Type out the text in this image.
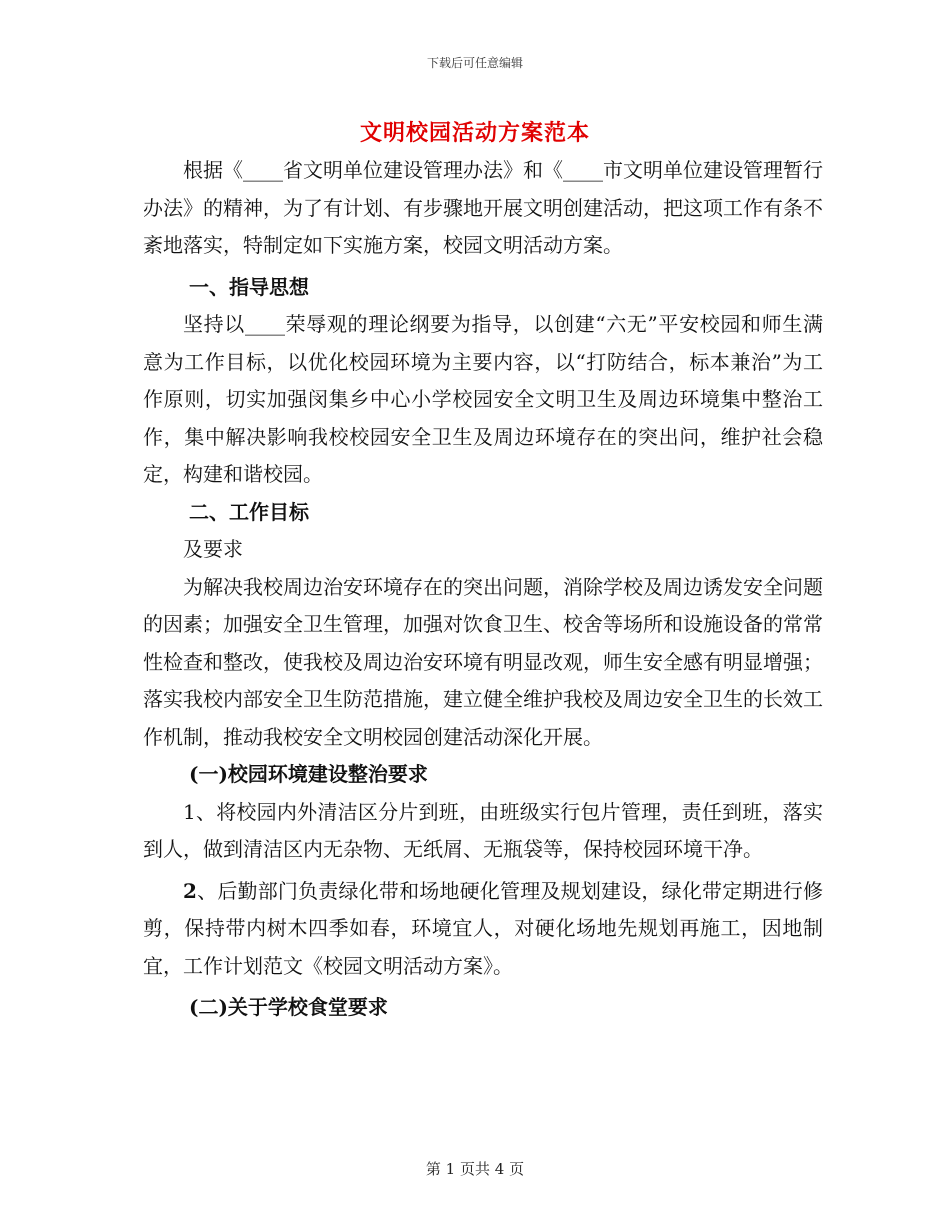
下载后可任意编辑
文明校园活动方案范本

根据《____省文明单位建设管理办法》和《____市文明单位建设管理暂行办法》的精神，为了有计划、有步骤地开展文明创建活动，把这项工作有条不紊地落实，特制定如下实施方案，校园文明活动方案。

一、指导思想

坚持以____荣辱观的理论纲要为指导，以创建“六无”平安校园和师生满意为工作目标，以优化校园环境为主要内容，以“打防结合，标本兼治”为工作原则，切实加强闵集乡中心小学校园安全文明卫生及周边环境集中整治工作，集中解决影响我校校园安全卫生及周边环境存在的突出问，维护社会稳定，构建和谐校园。

二、工作目标

及要求

为解决我校周边治安环境存在的突出问题，消除学校及周边诱发安全问题的因素；加强安全卫生管理，加强对饮食卫生、校舍等场所和设施设备的常常性检查和整改，使我校及周边治安环境有明显改观，师生安全感有明显增强；落实我校内部安全卫生防范措施，建立健全维护我校及周边安全卫生的长效工作机制，推动我校安全文明校园创建活动深化开展。

(一)校园环境建设整治要求

1、将校园内外清洁区分片到班，由班级实行包片管理，责任到班，落实到人，做到清洁区内无杂物、无纸屑、无瓶袋等，保持校园环境干净。

2、后勤部门负责绿化带和场地硬化管理及规划建设，绿化带定期进行修剪，保持带内树木四季如春，环境宜人，对硬化场地先规划再施工，因地制宜，工作计划范文《校园文明活动方案》。

(二)关于学校食堂要求

第 1 页共 4 页
